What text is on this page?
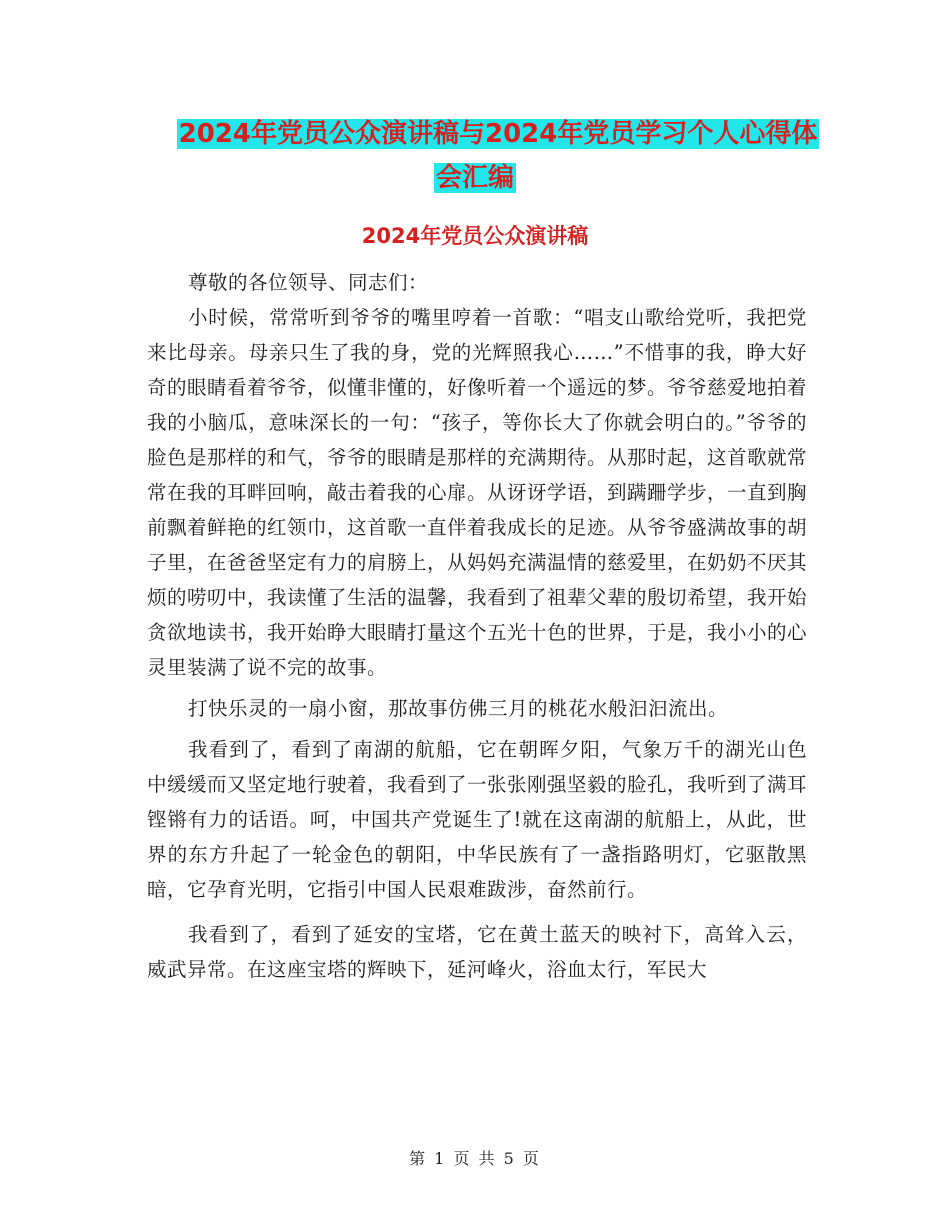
2024年党员公众演讲稿与2024年党员学习个人心得体
会汇编
2024年党员公众演讲稿

尊敬的各位领导、同志们：

小时候，常常听到爷爷的嘴里哼着一首歌：“唱支山歌给党听，我把党来比母亲。母亲只生了我的身，党的光辉照我心……”不惜事的我，睁大好奇的眼睛看着爷爷，似懂非懂的，好像听着一个遥远的梦。爷爷慈爱地拍着我的小脑瓜，意味深长的一句：“孩子，等你长大了你就会明白的。”爷爷的脸色是那样的和气，爷爷的眼睛是那样的充满期待。从那时起，这首歌就常常在我的耳畔回响，敲击着我的心扉。从讶讶学语，到蹒跚学步，一直到胸前飘着鲜艳的红领巾，这首歌一直伴着我成长的足迹。从爷爷盛满故事的胡子里，在爸爸坚定有力的肩膀上，从妈妈充满温情的慈爱里，在奶奶不厌其烦的唠叨中，我读懂了生活的温馨，我看到了祖辈父辈的殷切希望，我开始贪欲地读书，我开始睁大眼睛打量这个五光十色的世界，于是，我小小的心灵里装满了说不完的故事。

打快乐灵的一扇小窗，那故事仿佛三月的桃花水般汩汩流出。

我看到了，看到了南湖的航船，它在朝晖夕阳，气象万千的湖光山色中缓缓而又坚定地行驶着，我看到了一张张刚强坚毅的脸孔，我听到了满耳铿锵有力的话语。呵，中国共产党诞生了!就在这南湖的航船上，从此，世界的东方升起了一轮金色的朝阳，中华民族有了一盏指路明灯，它驱散黑暗，它孕育光明，它指引中国人民艰难跋涉，奋然前行。

我看到了，看到了延安的宝塔，它在黄土蓝天的映衬下，高耸入云，威武异常。在这座宝塔的辉映下，延河峰火，浴血太行，军民大

第 1 页 共 5 页
